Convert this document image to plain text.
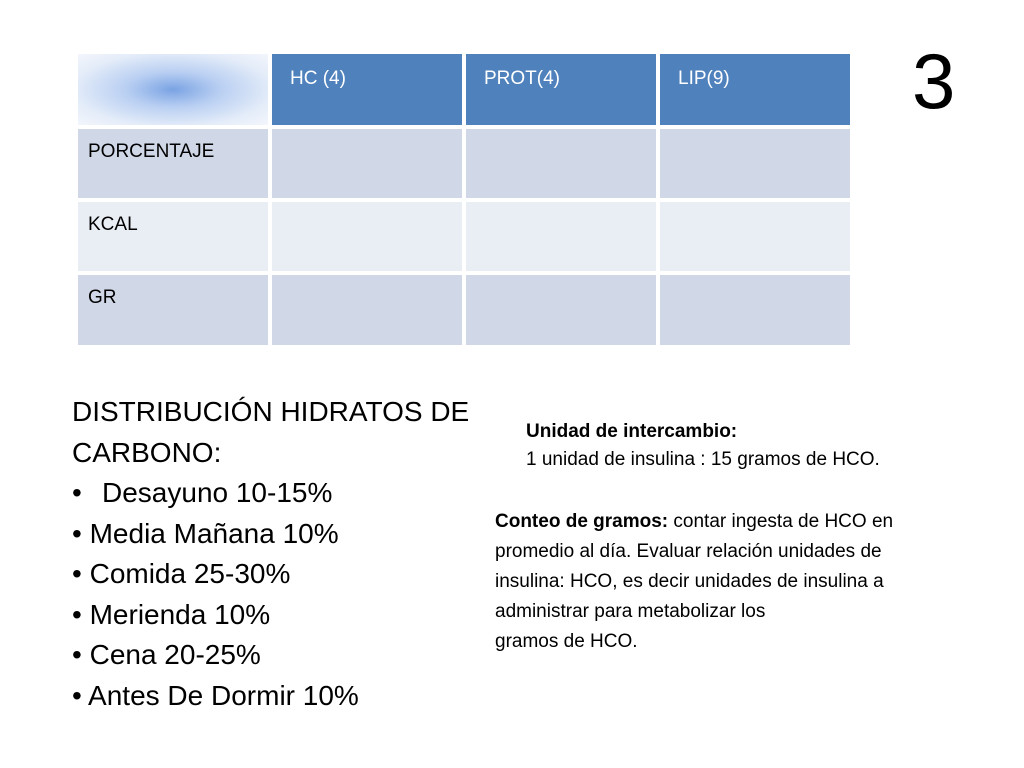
3
	HC (4)	PROT(4)	LIP(9)
PORCENTAJE			
KCAL			
GR			
DISTRIBUCIÓN HIDRATOS DE
CARBONO:
• Desayuno 10-15%
• Media Mañana 10%
• Comida 25-30%
• Merienda 10%
• Cena 20-25%
• Antes De Dormir 10%
Unidad de intercambio:
1 unidad de insulina : 15 gramos de HCO.
Conteo de gramos: contar ingesta de HCO en
promedio al día. Evaluar relación unidades de
insulina: HCO, es decir unidades de insulina a
administrar para metabolizar los
gramos de HCO.
